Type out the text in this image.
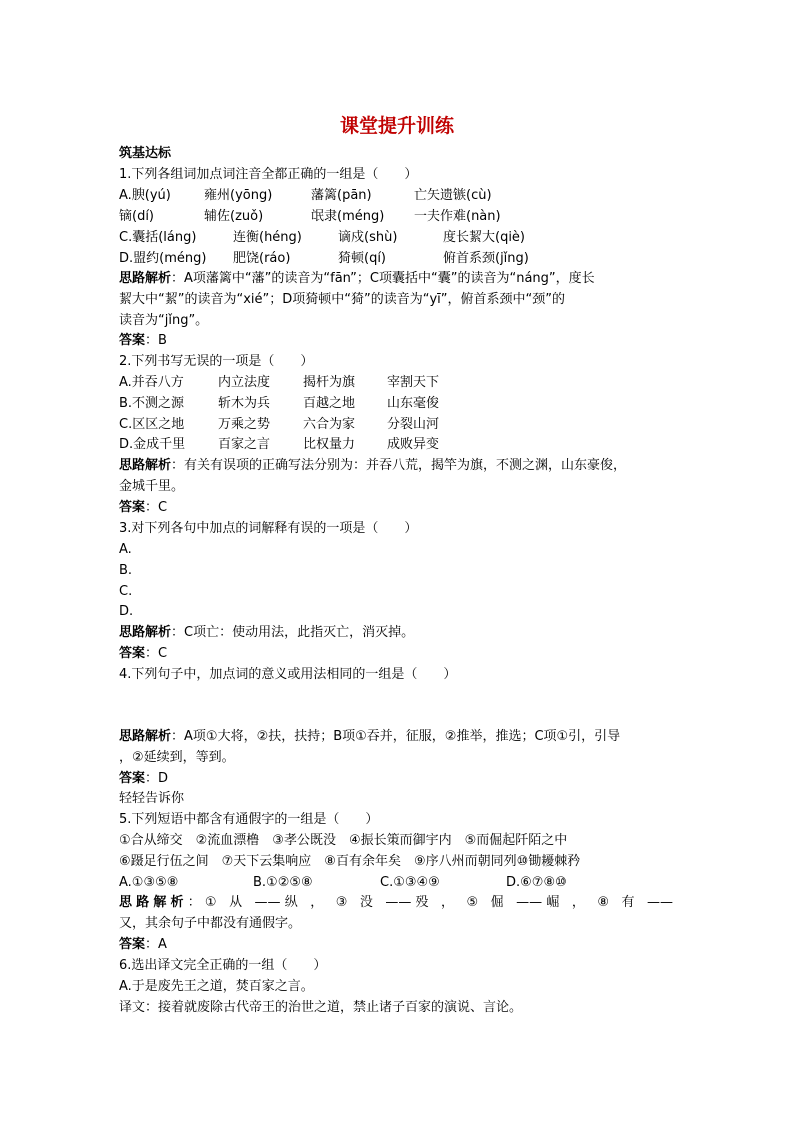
课堂提升训练
筑基达标
1.下列各组词加点词注音全都正确的一组是（　　）
A.腴(yú)	雍州(yōng)	藩篱(pān)	亡矢遗镞(cù)
镝(dí)	辅佐(zuǒ)	氓隶(méng) 一夫作难(nàn)
C.囊括(láng)	连衡(héng)	谪戍(shù)	度长絜大(qiè)
D.盟约(méng) 肥饶(ráo)	猗顿(qí)	俯首系颈(jǐng)
思路解析：A项藩篱中“藩”的读音为“fān”；C项囊括中“囊”的读音为“náng”，度长
絜大中“絜”的读音为“xié”；D项猗顿中“猗”的读音为“yī”，俯首系颈中“颈”的
读音为“jǐng”。
答案：B
2.下列书写无误的一项是（　　）
A.并吞八方	内立法度	揭杆为旗 宰割天下
B.不测之源	斩木为兵	百越之地 山东毫俊
C.区区之地	万乘之势	六合为家 分裂山河
D.金成千里	百家之言	比权量力 成败异变
思路解析：有关有误项的正确写法分别为：并吞八荒，揭竿为旗，不测之渊，山东豪俊，
金城千里。
答案：C
3.对下列各句中加点的词解释有误的一项是（　　）
A.
B.
C.
D.
思路解析：C项亡：使动用法，此指灭亡，消灭掉。
答案：C
4.下列句子中，加点词的意义或用法相同的一组是（　　）
思路解析：A项①大将，②扶，扶持；B项①吞并，征服，②推举，推选；C项①引，引导
，②延续到，等到。
答案：D
轻轻告诉你
5.下列短语中都含有通假字的一组是（　　）
①合从缔交　②流血漂橹　③孝公既没　④振长策而御宇内　⑤而倔起阡陌之中
⑥蹑足行伍之间　⑦天下云集响应　⑧百有余年矣　⑨序八州而朝同列⑩锄耰棘矜
A.①③⑤⑧	B.①②⑤⑧	C.①③④⑨	D.⑥⑦⑧⑩
思路解析：① 从 ——纵 ， ③ 没 ——殁 ， ⑤ 倔 ——崛 ， ⑧ 有 ——
又，其余句子中都没有通假字。
答案：A
6.选出译文完全正确的一组（　　）
A.于是废先王之道，焚百家之言。
译文：接着就废除古代帝王的治世之道，禁止诸子百家的演说、言论。
